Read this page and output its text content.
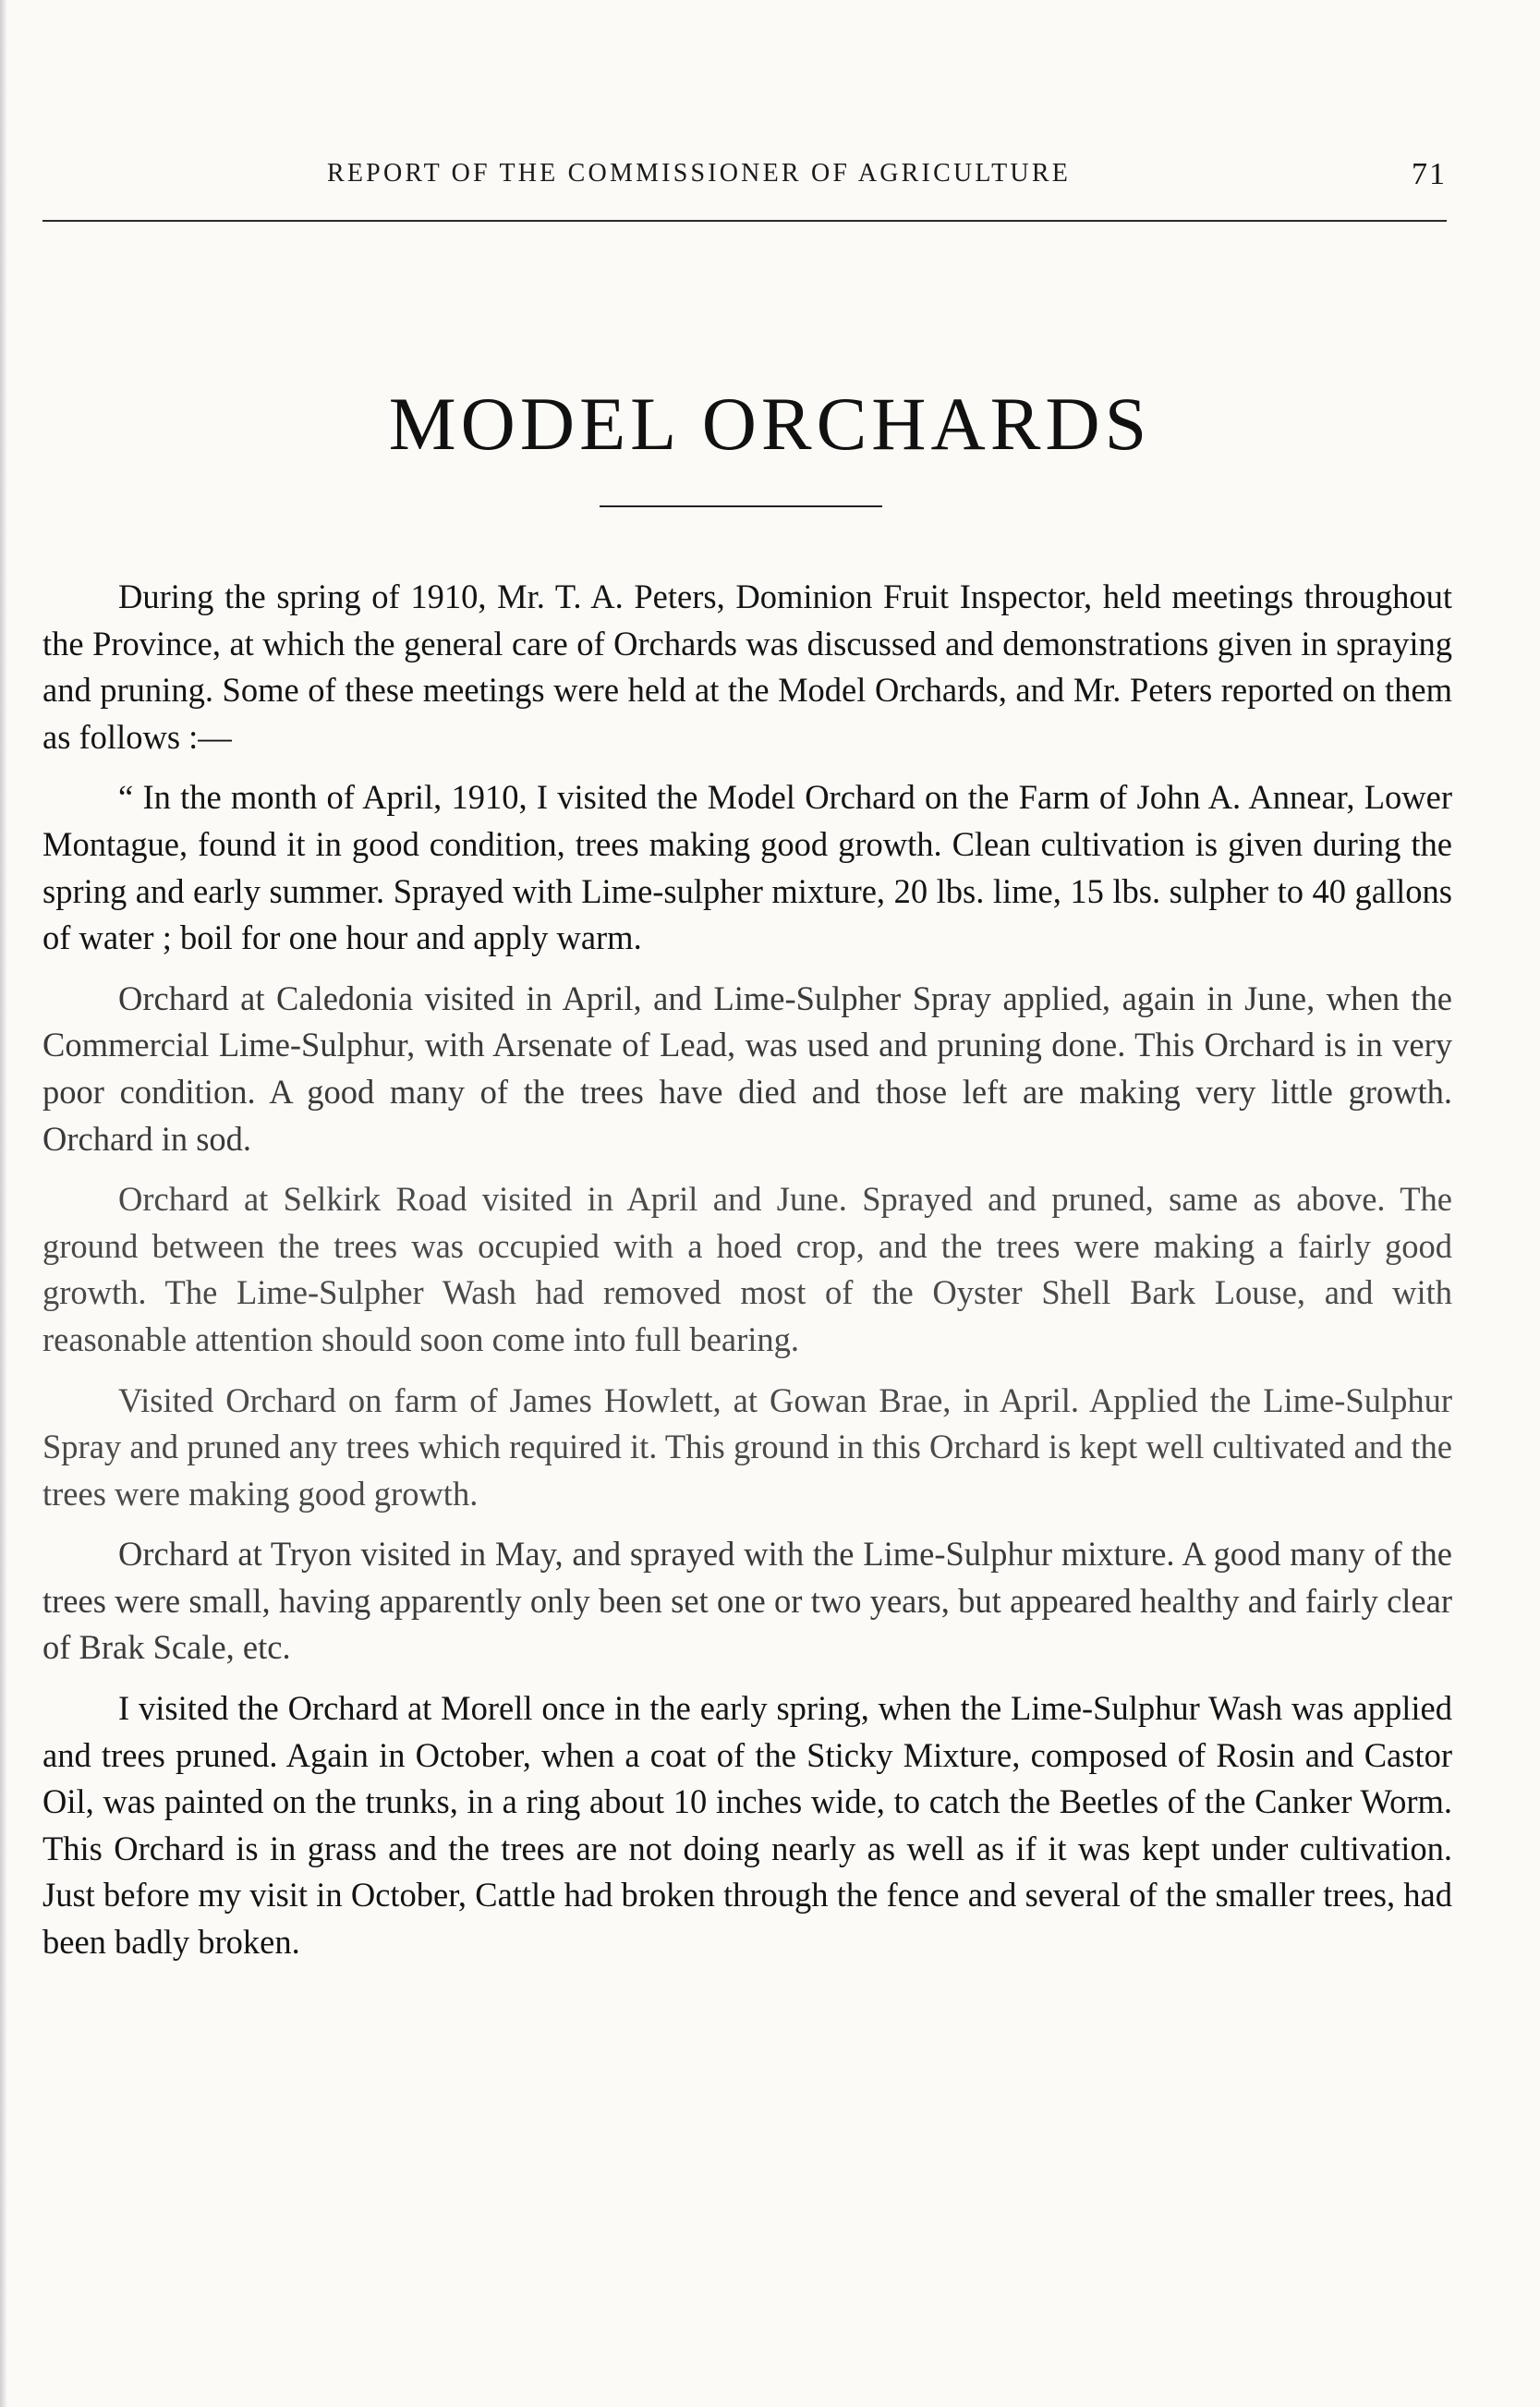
REPORT OF THE COMMISSIONER OF AGRICULTURE	71
MODEL ORCHARDS

During the spring of 1910, Mr. T. A. Peters, Dominion Fruit Inspector, held meetings throughout the Province, at which the general care of Orchards was discussed and demonstrations given in spraying and pruning. Some of these meetings were held at the Model Orchards, and Mr. Peters reported on them as follows :—

“ In the month of April, 1910, I visited the Model Orchard on the Farm of John A. Annear, Lower Montague, found it in good condition, trees making good growth. Clean cultivation is given during the spring and early summer. Sprayed with Lime-sulpher mixture, 20 lbs. lime, 15 lbs. sulpher to 40 gallons of water ; boil for one hour and apply warm.

Orchard at Caledonia visited in April, and Lime-Sulpher Spray applied, again in June, when the Commercial Lime-Sulphur, with Arsenate of Lead, was used and pruning done. This Orchard is in very poor condition. A good many of the trees have died and those left are making very little growth. Orchard in sod.

Orchard at Selkirk Road visited in April and June. Sprayed and pruned, same as above. The ground between the trees was occupied with a hoed crop, and the trees were making a fairly good growth. The Lime-Sulpher Wash had removed most of the Oyster Shell Bark Louse, and with reasonable attention should soon come into full bearing.

Visited Orchard on farm of James Howlett, at Gowan Brae, in April. Applied the Lime-Sulphur Spray and pruned any trees which required it. This ground in this Orchard is kept well cultivated and the trees were making good growth.

Orchard at Tryon visited in May, and sprayed with the Lime-Sulphur mixture. A good many of the trees were small, having apparently only been set one or two years, but appeared healthy and fairly clear of Brak Scale, etc.

I visited the Orchard at Morell once in the early spring, when the Lime-Sulphur Wash was applied and trees pruned. Again in October, when a coat of the Sticky Mixture, composed of Rosin and Castor Oil, was painted on the trunks, in a ring about 10 inches wide, to catch the Beetles of the Canker Worm. This Orchard is in grass and the trees are not doing nearly as well as if it was kept under cultivation. Just before my visit in October, Cattle had broken through the fence and several of the smaller trees, had been badly broken.
